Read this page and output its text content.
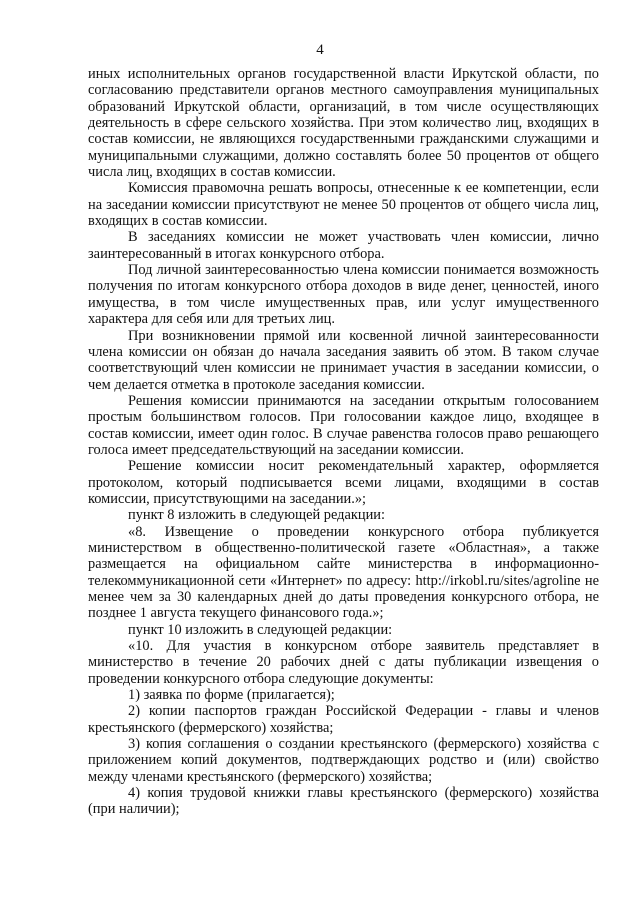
4

иных исполнительных органов государственной власти Иркутской области, по согласованию представители органов местного самоуправления муниципальных образований Иркутской области, организаций, в том числе осуществляющих деятельность в сфере сельского хозяйства. При этом количество лиц, входящих в состав комиссии, не являющихся государственными гражданскими служащими и муниципальными служащими, должно составлять более 50 процентов от общего числа лиц, входящих в состав комиссии.

Комиссия правомочна решать вопросы, отнесенные к ее компетенции, если на заседании комиссии присутствуют не менее 50 процентов от общего числа лиц, входящих в состав комиссии.

В заседаниях комиссии не может участвовать член комиссии, лично заинтересованный в итогах конкурсного отбора.

Под личной заинтересованностью члена комиссии понимается возможность получения по итогам конкурсного отбора доходов в виде денег, ценностей, иного имущества, в том числе имущественных прав, или услуг имущественного характера для себя или для третьих лиц.

При возникновении прямой или косвенной личной заинтересованности члена комиссии он обязан до начала заседания заявить об этом. В таком случае соответствующий член комиссии не принимает участия в заседании комиссии, о чем делается отметка в протоколе заседания комиссии.

Решения комиссии принимаются на заседании открытым голосованием простым большинством голосов. При голосовании каждое лицо, входящее в состав комиссии, имеет один голос. В случае равенства голосов право решающего голоса имеет председательствующий на заседании комиссии.

Решение комиссии носит рекомендательный характер, оформляется протоколом, который подписывается всеми лицами, входящими в состав комиссии, присутствующими на заседании.»;

пункт 8 изложить в следующей редакции:

«8. Извещение о проведении конкурсного отбора публикуется министерством в общественно-политической газете «Областная», а также размещается на официальном сайте министерства в информационно-телекоммуникационной сети «Интернет» по адресу: http://irkobl.ru/sites/agroline не менее чем за 30 календарных дней до даты проведения конкурсного отбора, не позднее 1 августа текущего финансового года.»;

пункт 10 изложить в следующей редакции:

«10. Для участия в конкурсном отборе заявитель представляет в министерство в течение 20 рабочих дней с даты публикации извещения о проведении конкурсного отбора следующие документы:

1) заявка по форме (прилагается);

2) копии паспортов граждан Российской Федерации - главы и членов крестьянского (фермерского) хозяйства;

3) копия соглашения о создании крестьянского (фермерского) хозяйства с приложением копий документов, подтверждающих родство и (или) свойство между членами крестьянского (фермерского) хозяйства;

4) копия трудовой книжки главы крестьянского (фермерского) хозяйства (при наличии);
